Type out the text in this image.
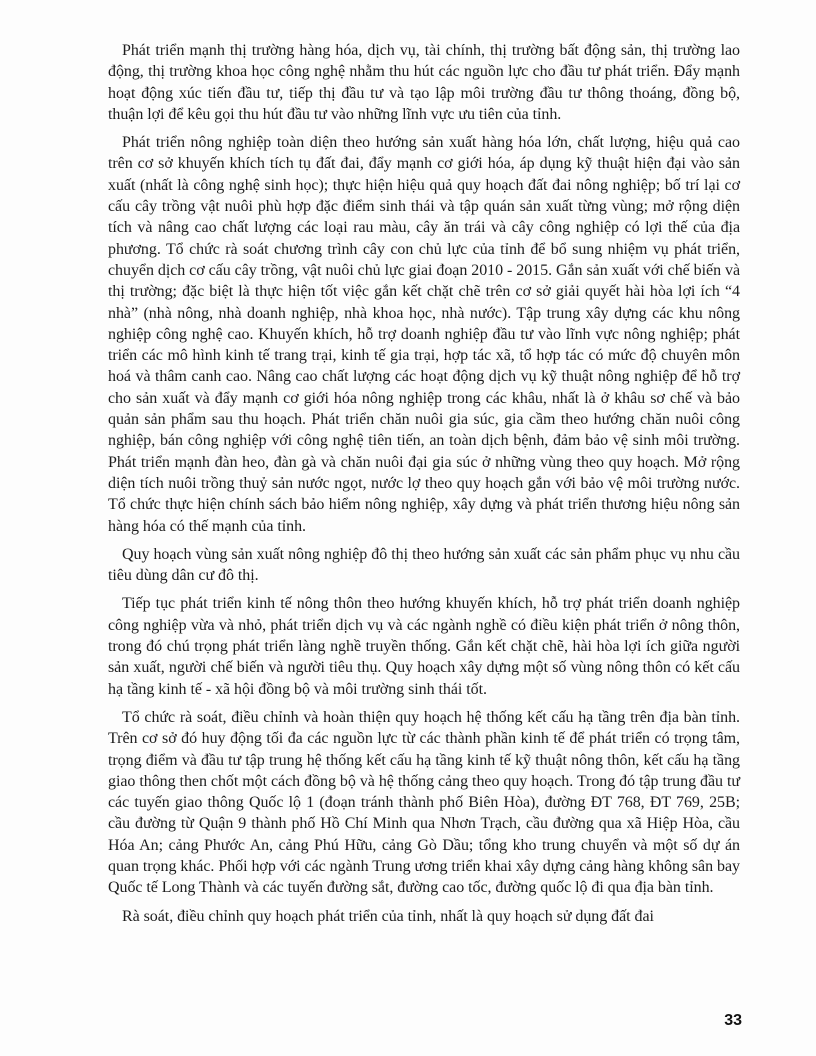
Phát triển mạnh thị trường hàng hóa, dịch vụ, tài chính, thị trường bất động sản, thị trường lao động, thị trường khoa học công nghệ nhằm thu hút các nguồn lực cho đầu tư phát triển. Đẩy mạnh hoạt động xúc tiến đầu tư, tiếp thị đầu tư và tạo lập môi trường đầu tư thông thoáng, đồng bộ, thuận lợi để kêu gọi thu hút đầu tư vào những lĩnh vực ưu tiên của tỉnh.

Phát triển nông nghiệp toàn diện theo hướng sản xuất hàng hóa lớn, chất lượng, hiệu quả cao trên cơ sở khuyến khích tích tụ đất đai, đẩy mạnh cơ giới hóa, áp dụng kỹ thuật hiện đại vào sản xuất (nhất là công nghệ sinh học); thực hiện hiệu quả quy hoạch đất đai nông nghiệp; bố trí lại cơ cấu cây trồng vật nuôi phù hợp đặc điểm sinh thái và tập quán sản xuất từng vùng; mở rộng diện tích và nâng cao chất lượng các loại rau màu, cây ăn trái và cây công nghiệp có lợi thế của địa phương. Tổ chức rà soát chương trình cây con chủ lực của tỉnh để bổ sung nhiệm vụ phát triển, chuyển dịch cơ cấu cây trồng, vật nuôi chủ lực giai đoạn 2010 - 2015. Gắn sản xuất với chế biến và thị trường; đặc biệt là thực hiện tốt việc gắn kết chặt chẽ trên cơ sở giải quyết hài hòa lợi ích “4 nhà” (nhà nông, nhà doanh nghiệp, nhà khoa học, nhà nước). Tập trung xây dựng các khu nông nghiệp công nghệ cao. Khuyến khích, hỗ trợ doanh nghiệp đầu tư vào lĩnh vực nông nghiệp; phát triển các mô hình kinh tế trang trại, kinh tế gia trại, hợp tác xã, tổ hợp tác có mức độ chuyên môn hoá và thâm canh cao. Nâng cao chất lượng các hoạt động dịch vụ kỹ thuật nông nghiệp để hỗ trợ cho sản xuất và đẩy mạnh cơ giới hóa nông nghiệp trong các khâu, nhất là ở khâu sơ chế và bảo quản sản phẩm sau thu hoạch. Phát triển chăn nuôi gia súc, gia cầm theo hướng chăn nuôi công nghiệp, bán công nghiệp với công nghệ tiên tiến, an toàn dịch bệnh, đảm bảo vệ sinh môi trường. Phát triển mạnh đàn heo, đàn gà và chăn nuôi đại gia súc ở những vùng theo quy hoạch. Mở rộng diện tích nuôi trồng thuỷ sản nước ngọt, nước lợ theo quy hoạch gắn với bảo vệ môi trường nước. Tổ chức thực hiện chính sách bảo hiểm nông nghiệp, xây dựng và phát triển thương hiệu nông sản hàng hóa có thế mạnh của tỉnh.

Quy hoạch vùng sản xuất nông nghiệp đô thị theo hướng sản xuất các sản phẩm phục vụ nhu cầu tiêu dùng dân cư đô thị.

Tiếp tục phát triển kinh tế nông thôn theo hướng khuyến khích, hỗ trợ phát triển doanh nghiệp công nghiệp vừa và nhỏ, phát triển dịch vụ và các ngành nghề có điều kiện phát triển ở nông thôn, trong đó chú trọng phát triển làng nghề truyền thống. Gắn kết chặt chẽ, hài hòa lợi ích giữa người sản xuất, người chế biến và người tiêu thụ. Quy hoạch xây dựng một số vùng nông thôn có kết cấu hạ tầng kinh tế - xã hội đồng bộ và môi trường sinh thái tốt.

Tổ chức rà soát, điều chỉnh và hoàn thiện quy hoạch hệ thống kết cấu hạ tầng trên địa bàn tỉnh. Trên cơ sở đó huy động tối đa các nguồn lực từ các thành phần kinh tế để phát triển có trọng tâm, trọng điểm và đầu tư tập trung hệ thống kết cấu hạ tầng kinh tế kỹ thuật nông thôn, kết cấu hạ tầng giao thông then chốt một cách đồng bộ và hệ thống cảng theo quy hoạch. Trong đó tập trung đầu tư các tuyến giao thông Quốc lộ 1 (đoạn tránh thành phố Biên Hòa), đường ĐT 768, ĐT 769, 25B; cầu đường từ Quận 9 thành phố Hồ Chí Minh qua Nhơn Trạch, cầu đường qua xã Hiệp Hòa, cầu Hóa An; cảng Phước An, cảng Phú Hữu, cảng Gò Dầu; tổng kho trung chuyển và một số dự án quan trọng khác. Phối hợp với các ngành Trung ương triển khai xây dựng cảng hàng không sân bay Quốc tế Long Thành và các tuyến đường sắt, đường cao tốc, đường quốc lộ đi qua địa bàn tỉnh.

Rà soát, điều chỉnh quy hoạch phát triển của tỉnh, nhất là quy hoạch sử dụng đất đai

33
